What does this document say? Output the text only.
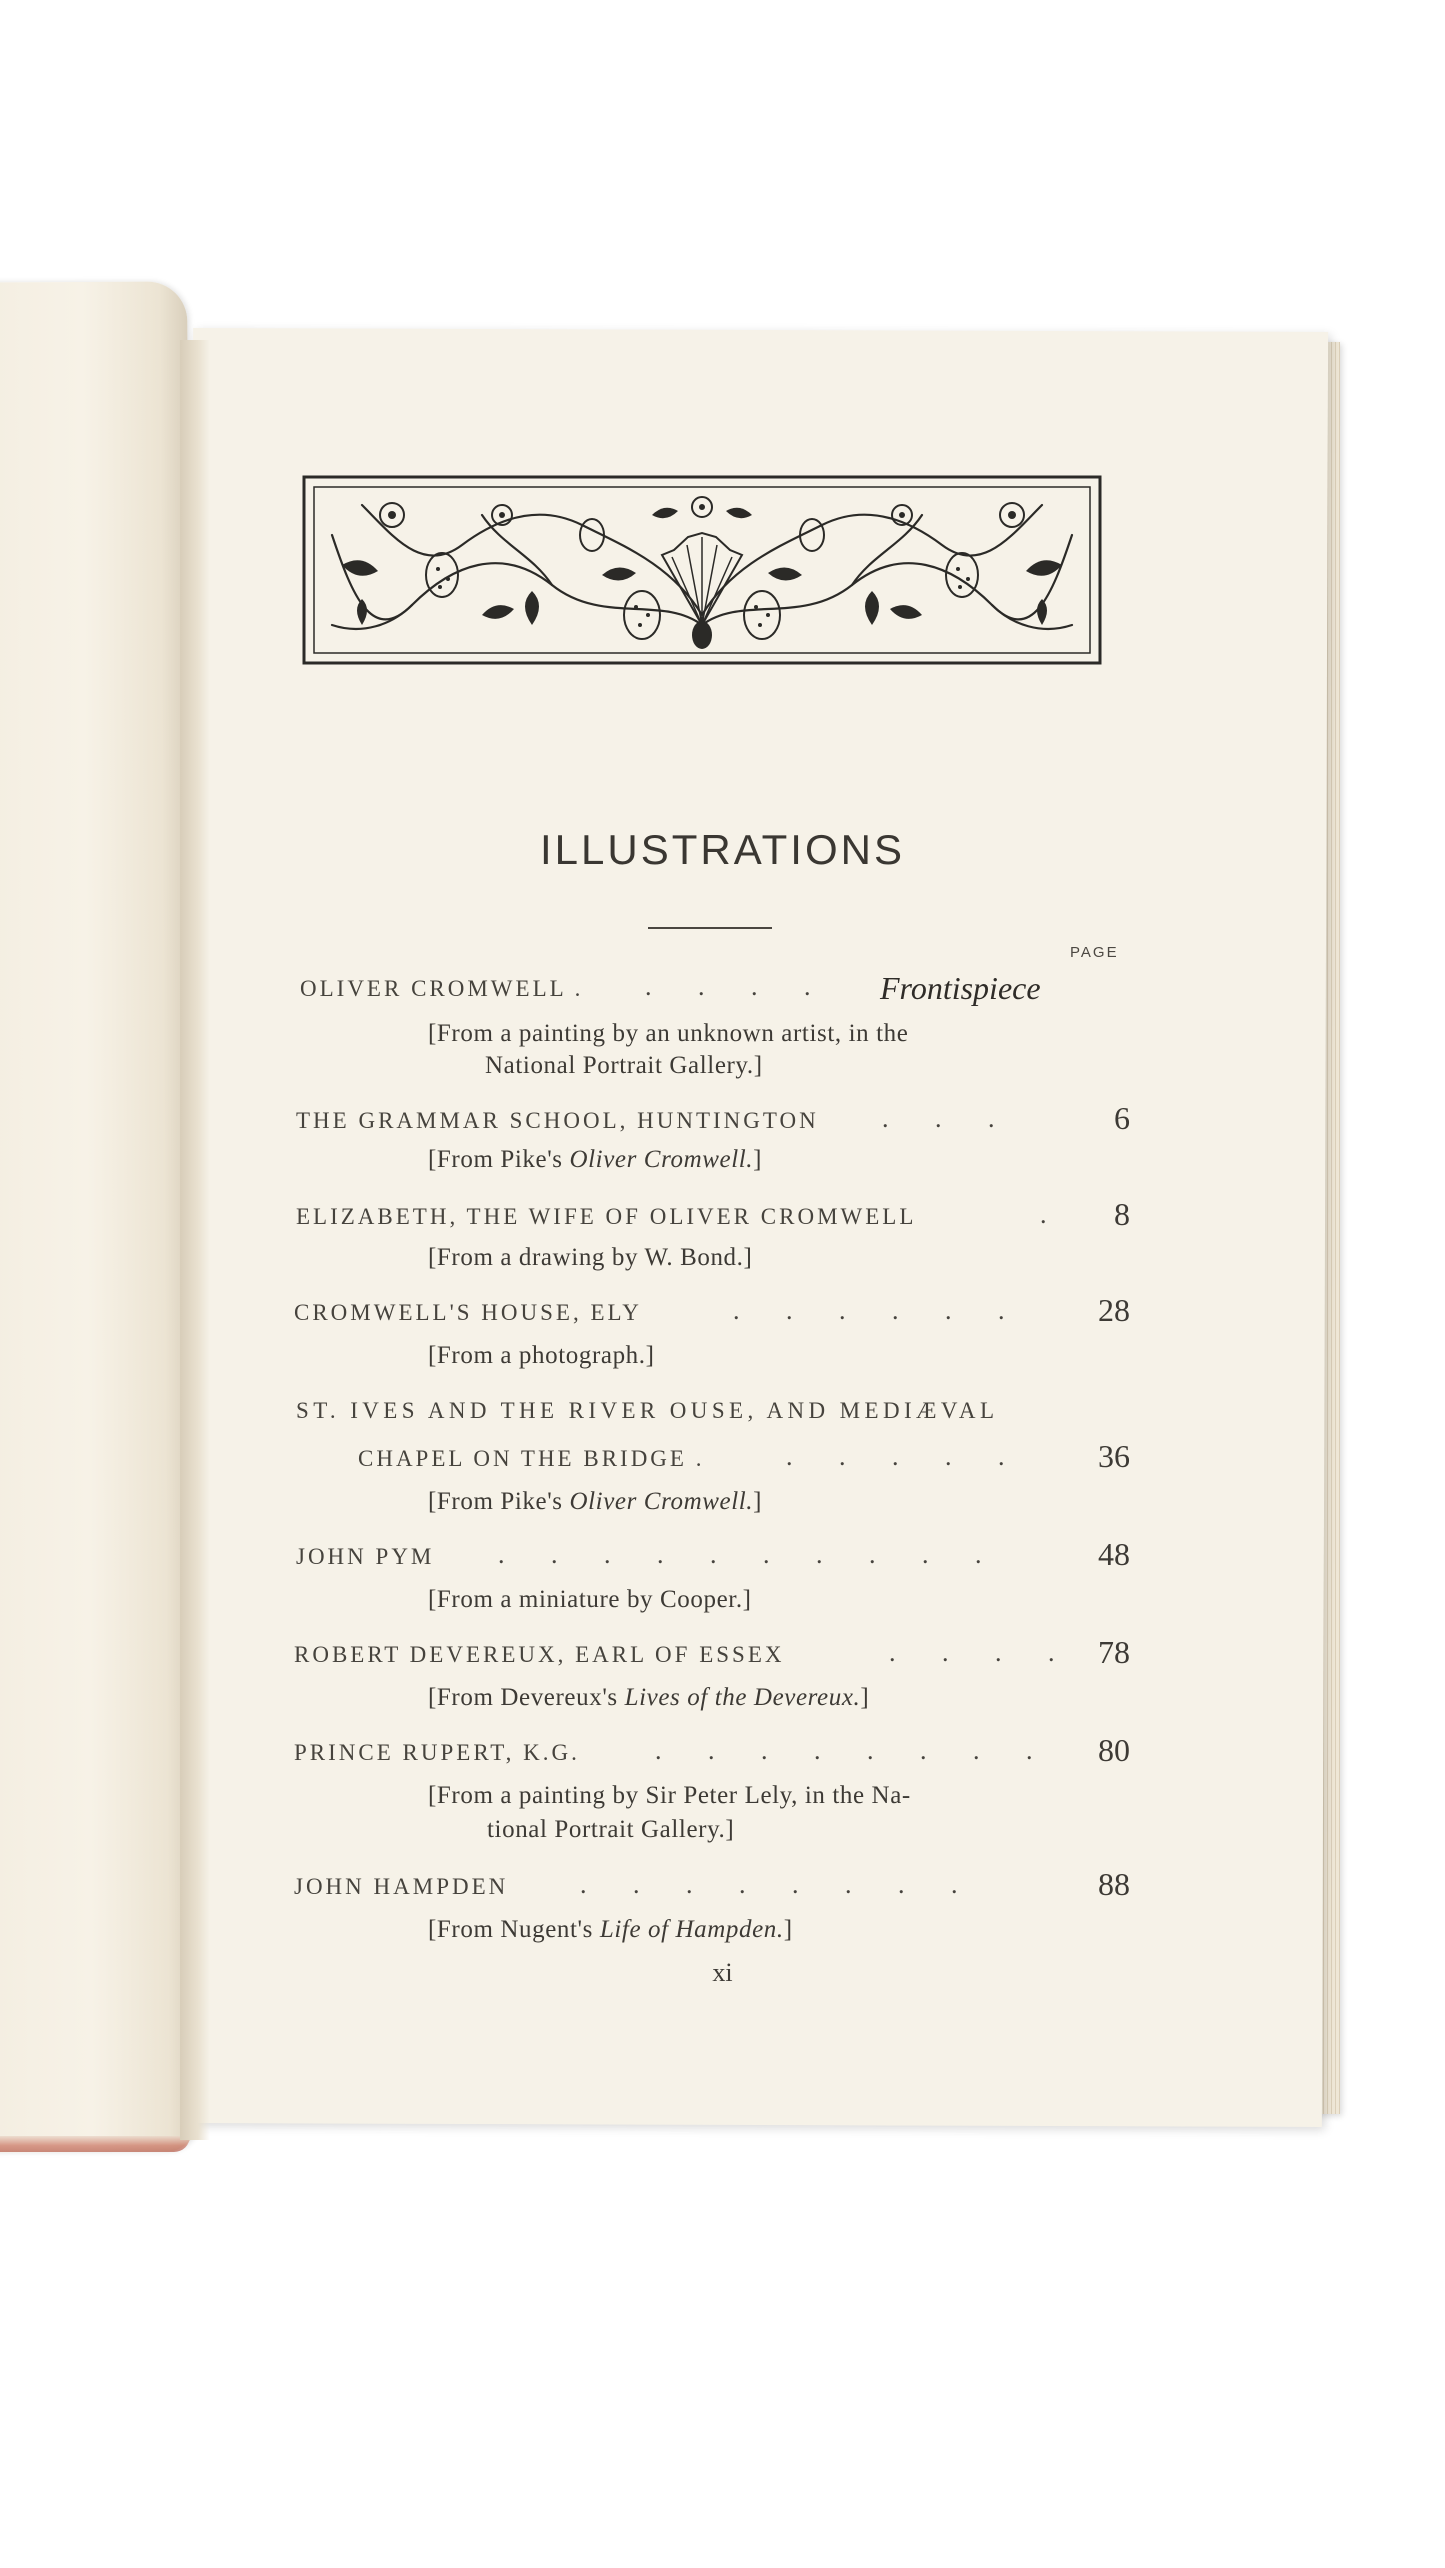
ILLUSTRATIONS
PAGE
OLIVER CROMWELL . . . . . Frontispiece
[From a painting by an unknown artist, in the
National Portrait Gallery.]
THE GRAMMAR SCHOOL, HUNTINGTON . . .	6
[From Pike's Oliver Cromwell.]
ELIZABETH, THE WIFE OF OLIVER CROMWELL	.	8
[From a drawing by W. Bond.]
CROMWELL'S HOUSE, ELY	. . . . . .	28
[From a photograph.]
ST. IVES AND THE RIVER OUSE, AND MEDIÆVAL
CHAPEL ON THE BRIDGE .	. . . . .	36
[From Pike's Oliver Cromwell.]
JOHN PYM . . . . . . . . . .	48
[From a miniature by Cooper.]
ROBERT DEVEREUX, EARL OF ESSEX	. . . .	78
[From Devereux's Lives of the Devereux.]
PRINCE RUPERT, K.G.	. . . . . . . .	80
[From a painting by Sir Peter Lely, in the Na-
tional Portrait Gallery.]
JOHN HAMPDEN	. . . . . . . .	88
[From Nugent's Life of Hampden.]
xi
